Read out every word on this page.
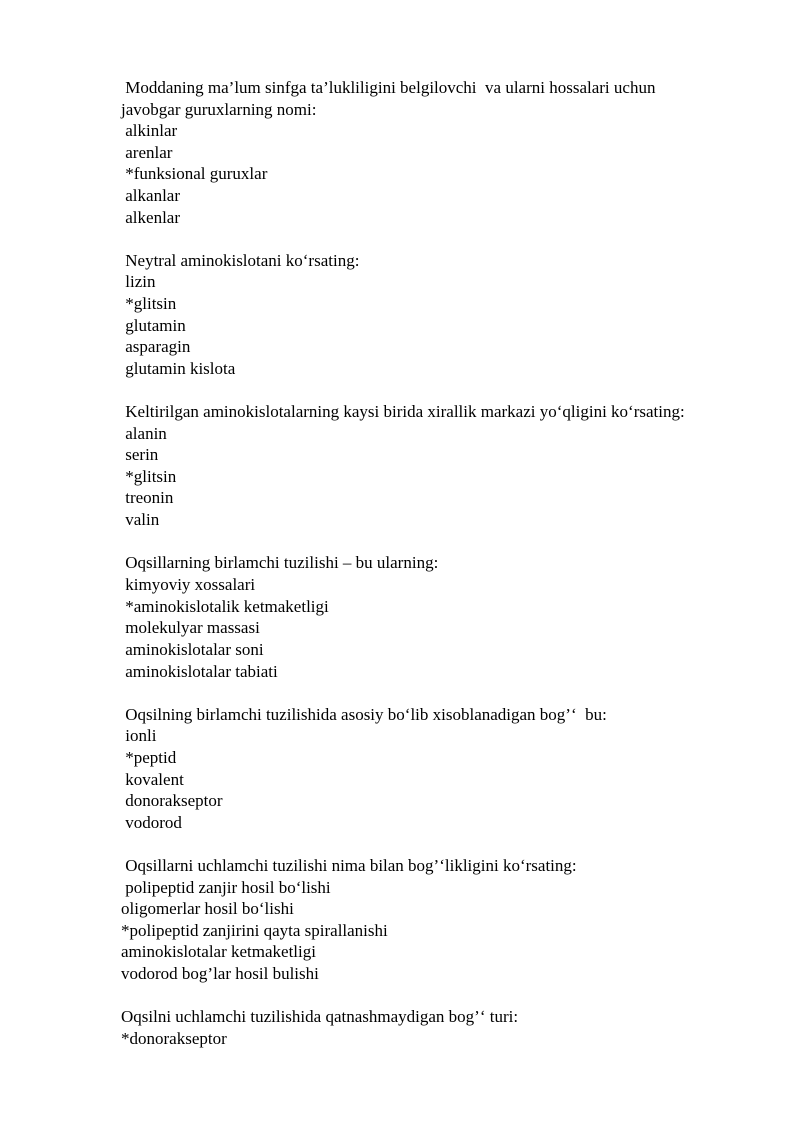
Moddaning ma’lum sinfga ta’lukliligini belgilovchi  va ularni hossalari uchun
javobgar guruxlarning nomi:
alkinlar
arenlar
*funksional guruxlar
alkanlar
alkenlar
Neytral aminokislotani ko‘rsating:
lizin
*glitsin
glutamin
asparagin
glutamin kislota
Keltirilgan aminokislotalarning kaysi birida xirallik markazi yo‘qligini ko‘rsating:
alanin
serin
*glitsin
treonin
valin
Oqsillarning birlamchi tuzilishi – bu ularning:
kimyoviy xossalari
*aminokislotalik ketmaketligi
molekulyar massasi
aminokislotalar soni
aminokislotalar tabiati
Oqsilning birlamchi tuzilishida asosiy bo‘lib xisoblanadigan bog’‘  bu:
ionli
*peptid
kovalent
donorakseptor
vodorod
Oqsillarni uchlamchi tuzilishi nima bilan bog’‘likligini ko‘rsating:
polipeptid zanjir hosil bo‘lishi
oligomerlar hosil bo‘lishi
*polipeptid zanjirini qayta spirallanishi
aminokislotalar ketmaketligi
vodorod bog’lar hosil bulishi
Oqsilni uchlamchi tuzilishida qatnashmaydigan bog’‘ turi:
*donorakseptor
